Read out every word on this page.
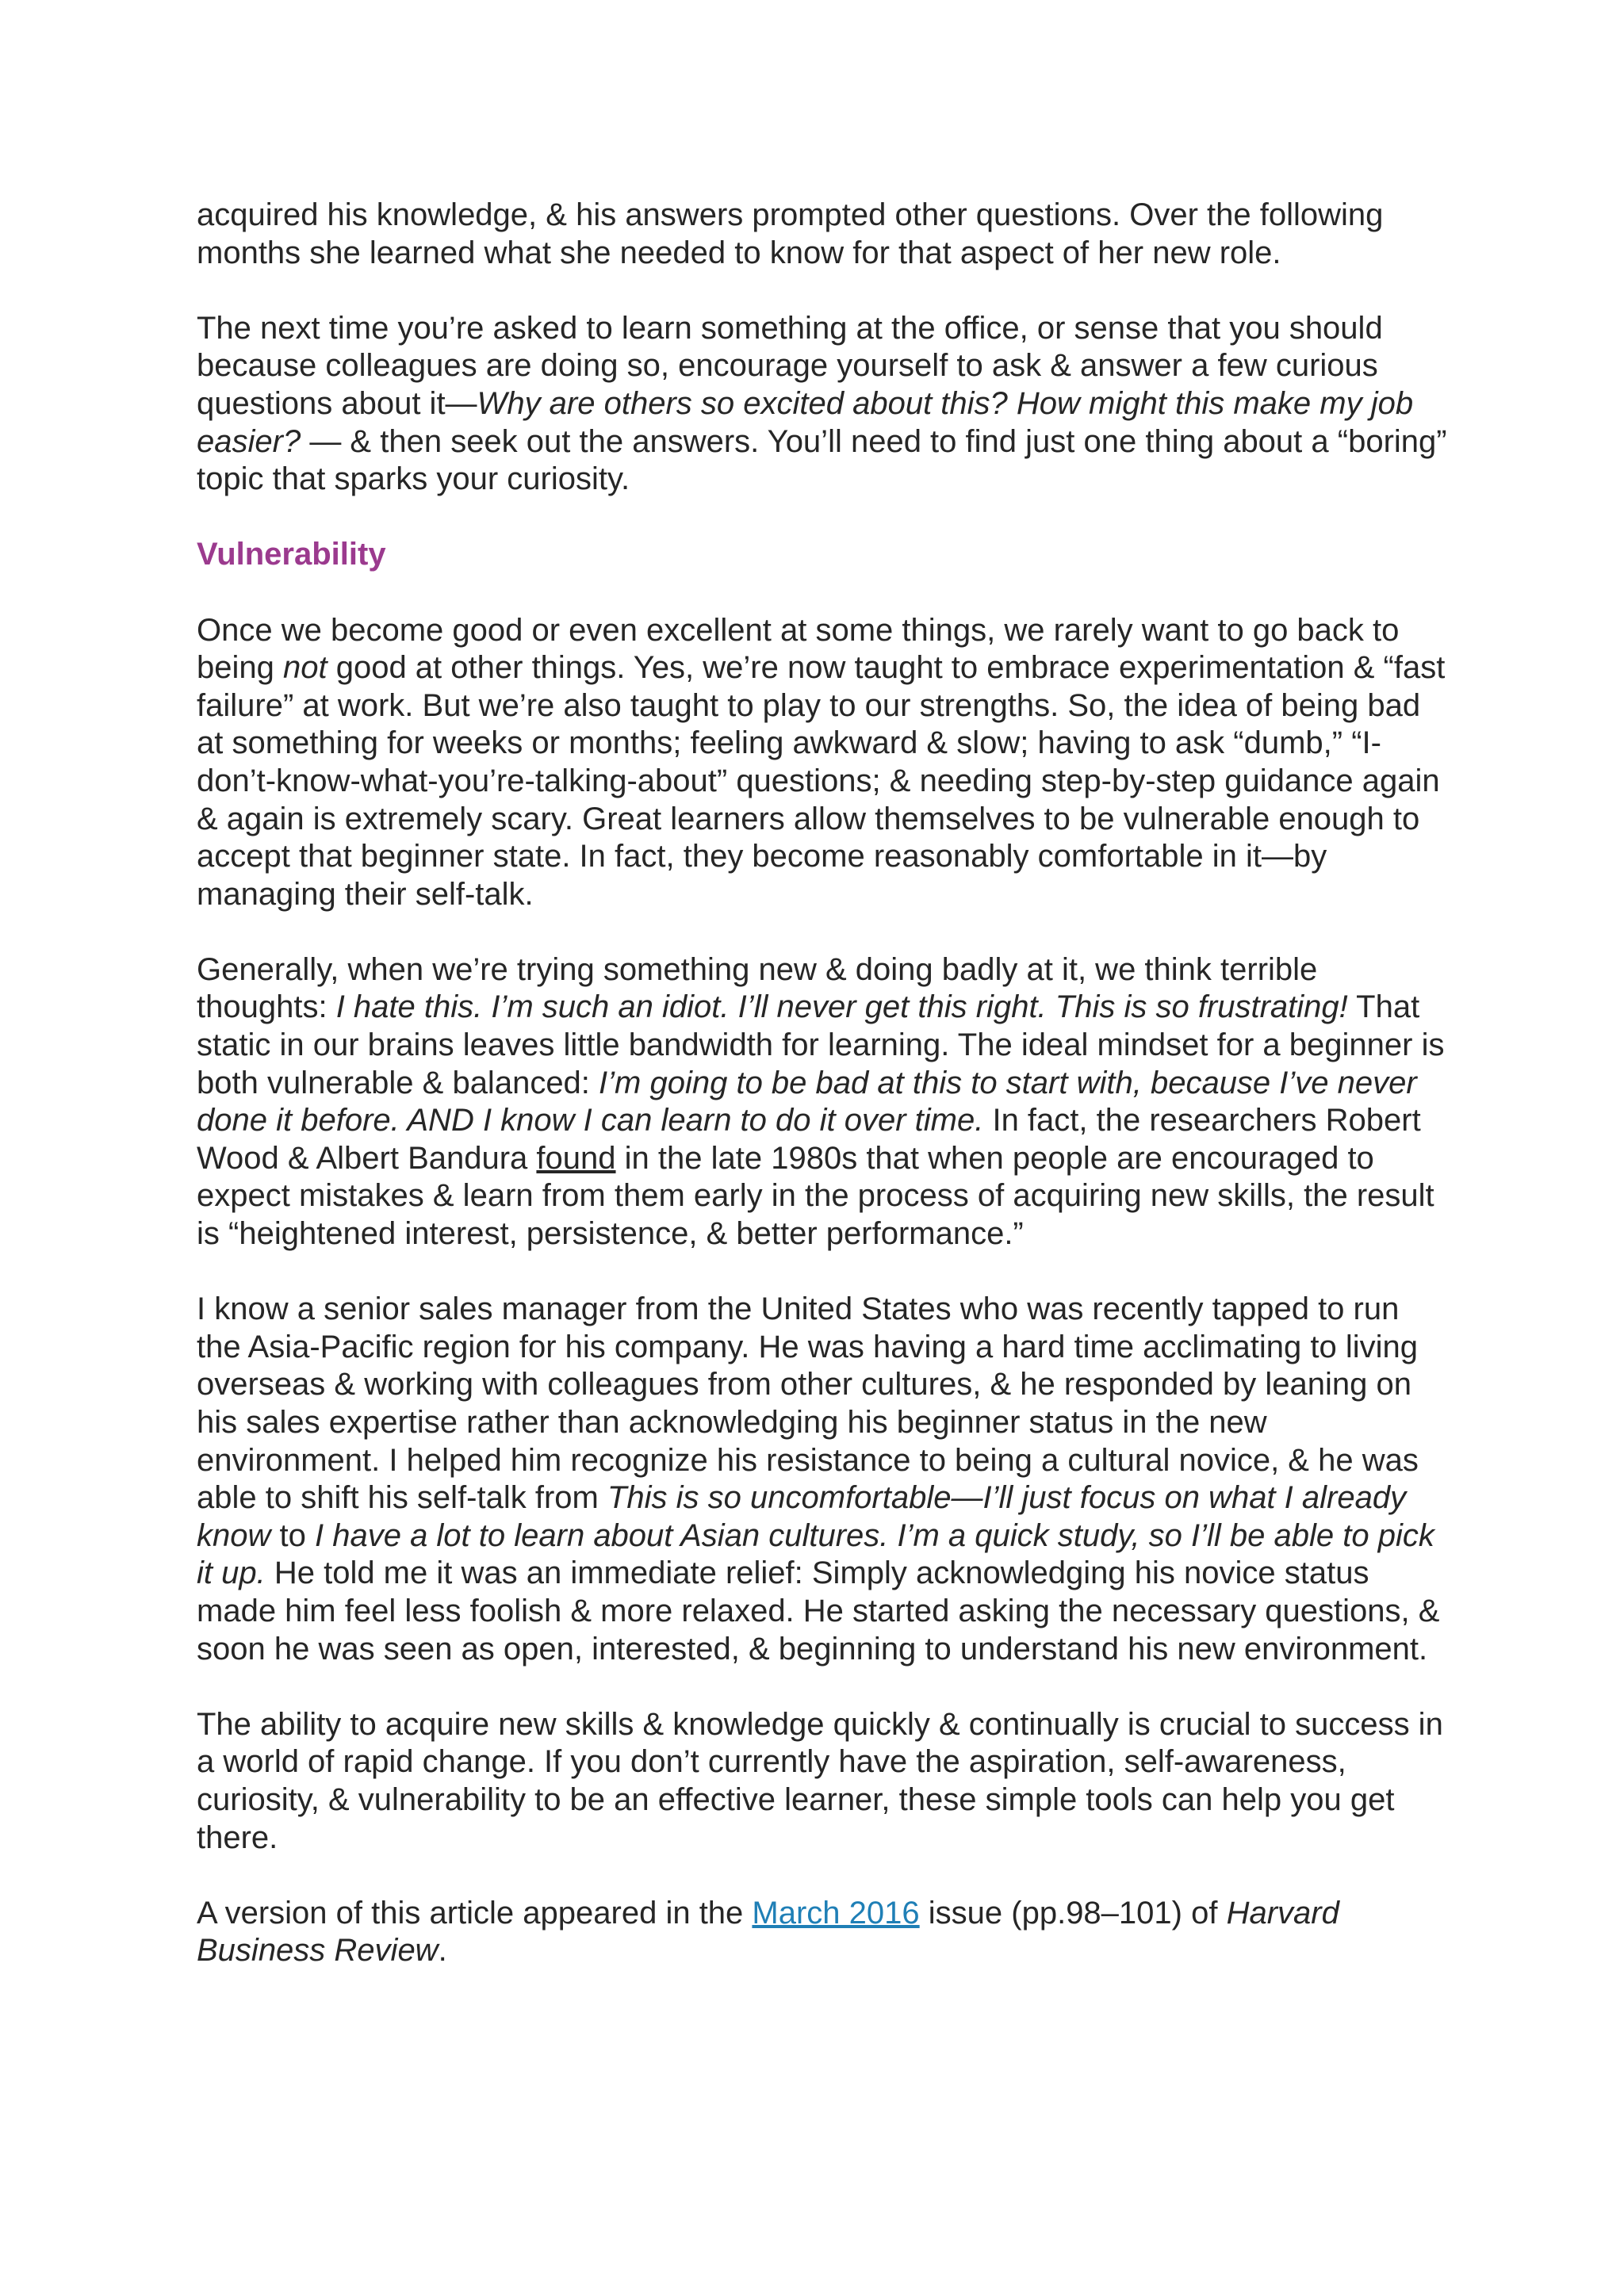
acquired his knowledge, & his answers prompted other questions. Over the following months she learned what she needed to know for that aspect of her new role.

The next time you’re asked to learn something at the office, or sense that you should because colleagues are doing so, encourage yourself to ask & answer a few curious questions about it—Why are others so excited about this? How might this make my job easier? — & then seek out the answers. You’ll need to find just one thing about a “boring” topic that sparks your curiosity.

Vulnerability

Once we become good or even excellent at some things, we rarely want to go back to being not good at other things. Yes, we’re now taught to embrace experimentation & “fast failure” at work. But we’re also taught to play to our strengths. So, the idea of being bad at something for weeks or months; feeling awkward & slow; having to ask “dumb,” “I-don’t-know-what-you’re-talking-about” questions; & needing step-by-step guidance again & again is extremely scary. Great learners allow themselves to be vulnerable enough to accept that beginner state. In fact, they become reasonably comfortable in it—by managing their self-talk.

Generally, when we’re trying something new & doing badly at it, we think terrible thoughts: I hate this. I’m such an idiot. I’ll never get this right. This is so frustrating! That static in our brains leaves little bandwidth for learning. The ideal mindset for a beginner is both vulnerable & balanced: I’m going to be bad at this to start with, because I’ve never done it before. AND I know I can learn to do it over time. In fact, the researchers Robert Wood & Albert Bandura found in the late 1980s that when people are encouraged to expect mistakes & learn from them early in the process of acquiring new skills, the result is “heightened interest, persistence, & better performance.”

I know a senior sales manager from the United States who was recently tapped to run the Asia-Pacific region for his company. He was having a hard time acclimating to living overseas & working with colleagues from other cultures, & he responded by leaning on his sales expertise rather than acknowledging his beginner status in the new environment. I helped him recognize his resistance to being a cultural novice, & he was able to shift his self-talk from This is so uncomfortable—I’ll just focus on what I already know to I have a lot to learn about Asian cultures. I’m a quick study, so I’ll be able to pick it up. He told me it was an immediate relief: Simply acknowledging his novice status made him feel less foolish & more relaxed. He started asking the necessary questions, & soon he was seen as open, interested, & beginning to understand his new environment.

The ability to acquire new skills & knowledge quickly & continually is crucial to success in a world of rapid change. If you don’t currently have the aspiration, self-awareness, curiosity, & vulnerability to be an effective learner, these simple tools can help you get there.

A version of this article appeared in the March 2016 issue (pp.98–101) of Harvard Business Review.
